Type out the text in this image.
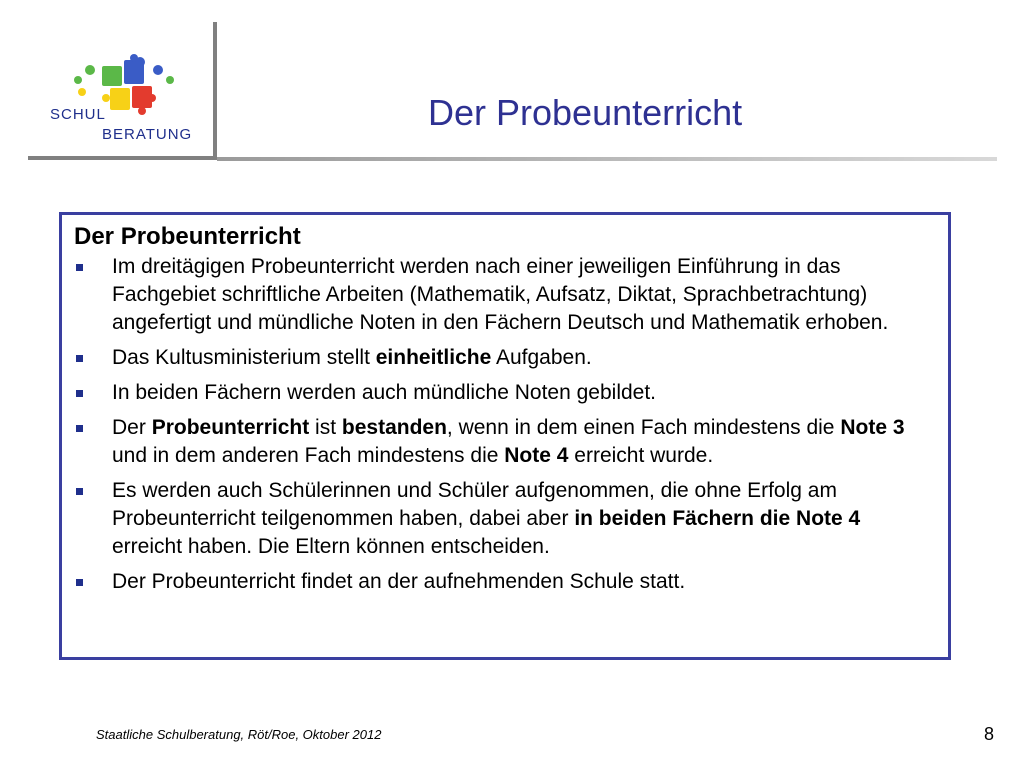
SCHUL
BERATUNG
Der Probeunterricht
Der Probeunterricht
Im dreitägigen Probeunterricht werden nach einer jeweiligen Einführung in das Fachgebiet schriftliche Arbeiten (Mathematik, Aufsatz, Diktat, Sprachbetrachtung) angefertigt und mündliche Noten in den Fächern Deutsch und Mathematik erhoben.
Das Kultusministerium stellt einheitliche Aufgaben.
In beiden Fächern werden auch mündliche Noten gebildet.
Der Probeunterricht ist bestanden, wenn in dem einen Fach mindestens die Note 3 und in dem anderen Fach mindestens die Note 4 erreicht wurde.
Es werden auch Schülerinnen und Schüler aufgenommen, die ohne Erfolg am Probeunterricht teilgenommen haben, dabei aber in beiden Fächern die Note 4 erreicht haben. Die Eltern können entscheiden.
Der Probeunterricht findet an der aufnehmenden Schule statt.
Staatliche Schulberatung, Röt/Roe, Oktober 2012	8
